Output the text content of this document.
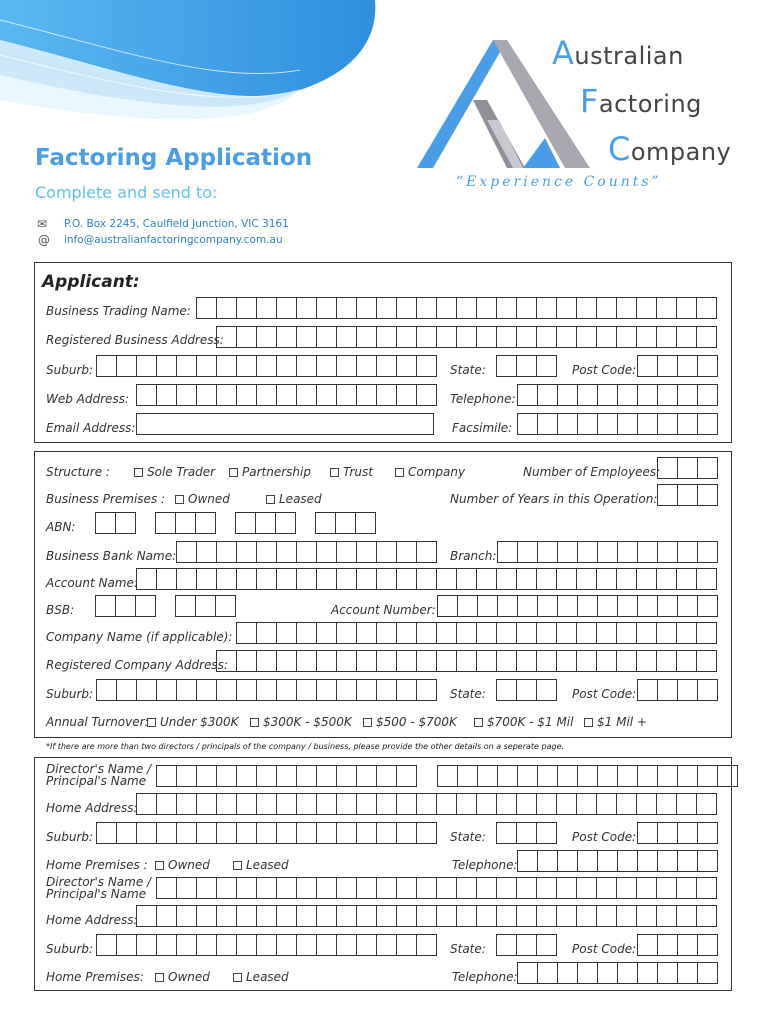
Australian
Factoring
Company
“Experience Counts”
Factoring Application
Complete and send to:
✉ P.O. Box 2245, Caulfield Junction, VIC 3161
@ info@australianfactoringcompany.com.au
Applicant:
Business Trading Name:
Registered Business Address:
Suburb:	State:	Post Code:
Web Address:	Telephone:
Email Address:	Facsimile:
Structure :	Sole Trader	Partnership	Trust	Company	Number of Employees:
Business Premises :	Owned	Leased	Number of Years in this Operation:
ABN:
Business Bank Name:	Branch:
Account Name:
BSB:	Account Number:
Company Name (if applicable):
Registered Company Address:
Suburb:	State:	Post Code:
Annual Turnover: Under $300K	$300K - $500K	$500 - $700K	$700K - $1 Mil	$1 Mil +
*If there are more than two directors / principals of the company / business, please provide the other details on a seperate page.
Director's Name /
Principal's Name
Home Address:
Suburb:	State:	Post Code:
Home Premises :	Owned	Leased	Telephone:
Director's Name /
Principal's Name
Home Address:
Suburb:	State:	Post Code:
Home Premises:	Owned	Leased	Telephone:
